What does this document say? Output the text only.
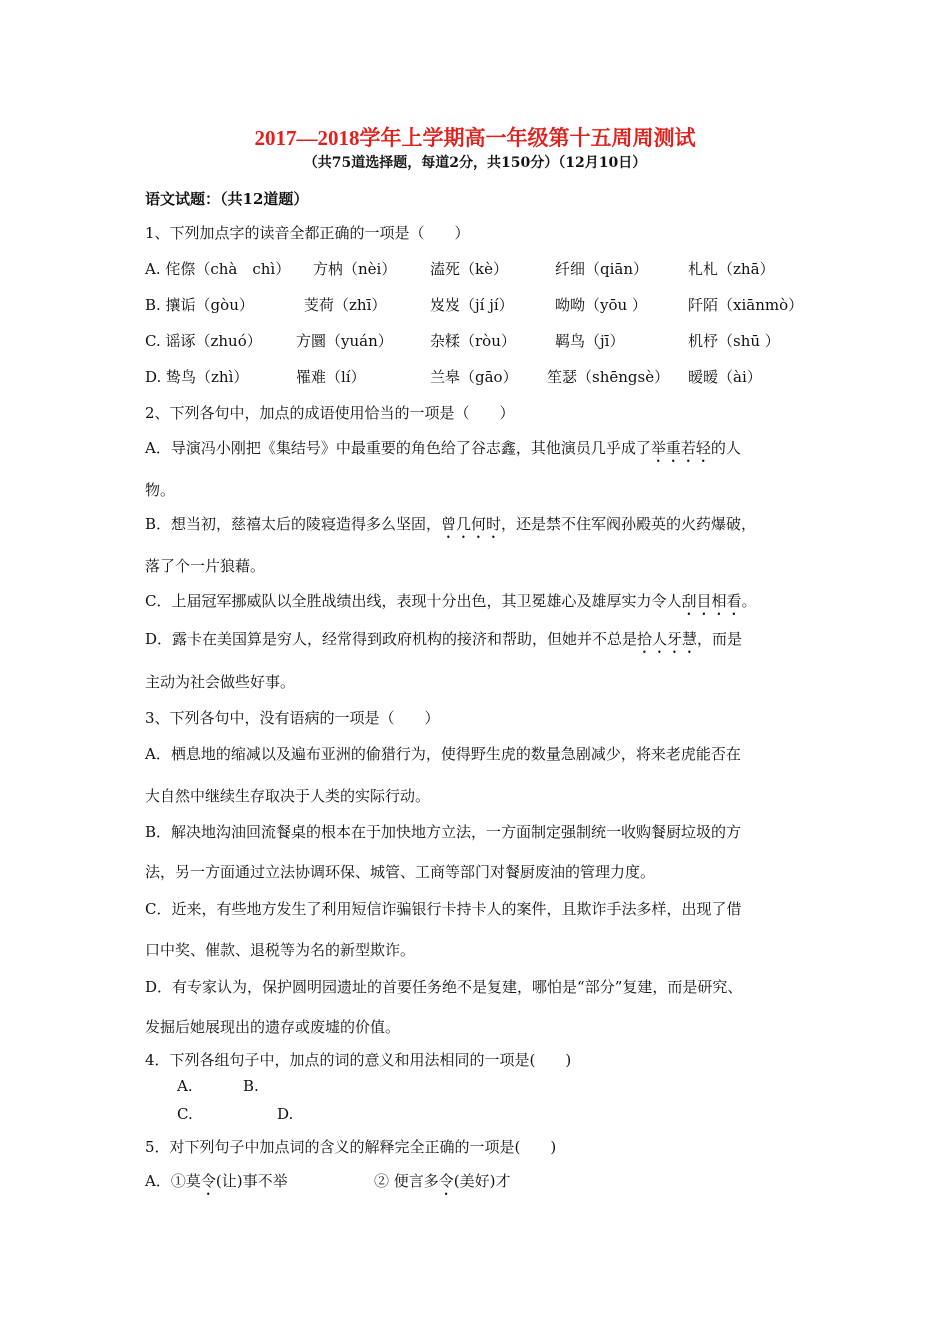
2017—2018学年上学期高一年级第十五周周测试
（共75道选择题，每道2分，共150分）（12月10日）
语文试题：（共12道题）
1、下列加点字的读音全都正确的一项是（　　）
A. 侘傺（chà　chì） 方枘（nèi） 溘死（kè）	纤细（qiān）	札札（zhā）
B. 攘诟（gòu）	芰荷（zhī）	岌岌（jí jí）	呦呦（yōu ）	阡陌（xiānmò）
C. 谣诼（zhuó） 方圜（yuán） 杂糅（ròu）	羁鸟（jī）	机杼（shū ）
D. 鸷鸟（zhì）	罹难（lí）	兰皋（gāo） 笙瑟（shēngsè） 暧暧（ài）
2、下列各句中，加点的成语使用恰当的一项是（　　）
A．导演冯小刚把《集结号》中最重要的角色给了谷志鑫，其他演员几乎成了举重若轻的人
物。
B．想当初，慈禧太后的陵寝造得多么坚固，曾几何时，还是禁不住军阀孙殿英的火药爆破，
落了个一片狼藉。
C．上届冠军挪威队以全胜战绩出线，表现十分出色，其卫冕雄心及雄厚实力令人刮目相看。
D．露卡在美国算是穷人，经常得到政府机构的接济和帮助，但她并不总是拾人牙慧，而是
主动为社会做些好事。
3、下列各句中，没有语病的一项是（　　）
A．栖息地的缩减以及遍布亚洲的偷猎行为，使得野生虎的数量急剧减少，将来老虎能否在
大自然中继续生存取决于人类的实际行动。
B．解决地沟油回流餐桌的根本在于加快地方立法，一方面制定强制统一收购餐厨垃圾的方
法，另一方面通过立法协调环保、城管、工商等部门对餐厨废油的管理力度。
C．近来，有些地方发生了利用短信诈骗银行卡持卡人的案件，且欺诈手法多样，出现了借
口中奖、催款、退税等为名的新型欺诈。
D．有专家认为，保护圆明园遗址的首要任务绝不是复建，哪怕是“部分”复建，而是研究、
发掘后她展现出的遗存或废墟的价值。
4．下列各组句子中，加点的词的意义和用法相同的一项是(　　)
A.	B.
C.	D.
5．对下列句子中加点词的含义的解释完全正确的一项是(　　)
A．①莫令(让)事不举	② 便言多令(美好)才
